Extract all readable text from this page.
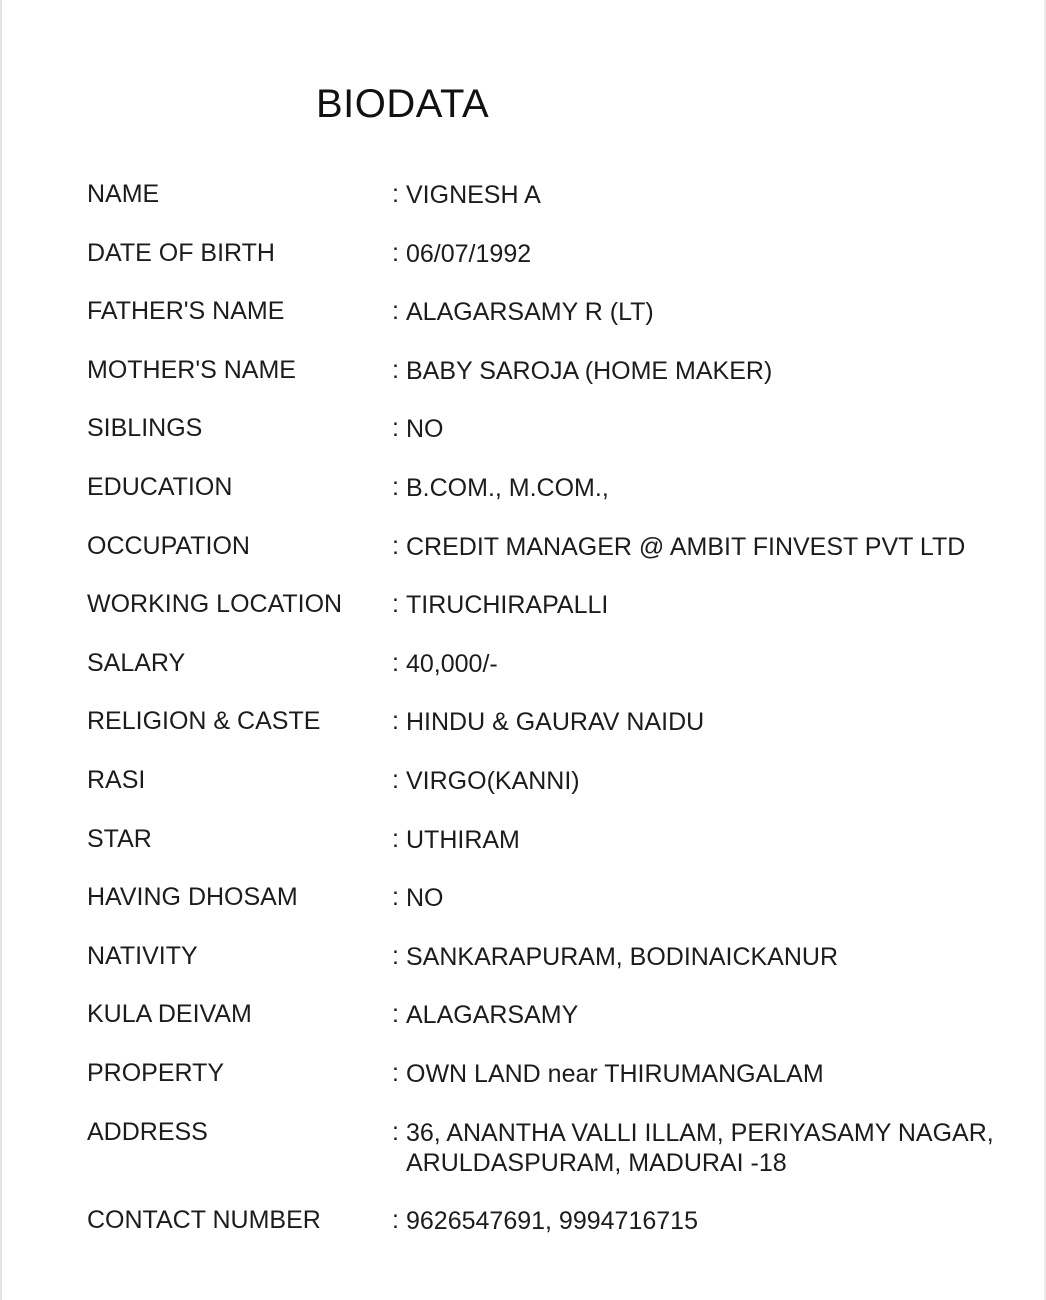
BIODATA
NAME	: VIGNESH A
DATE OF BIRTH	: 06/07/1992
FATHER'S NAME	: ALAGARSAMY R (LT)
MOTHER'S NAME	: BABY SAROJA (HOME MAKER)
SIBLINGS	: NO
EDUCATION	: B.COM., M.COM.,
OCCUPATION	: CREDIT MANAGER @ AMBIT FINVEST PVT LTD
WORKING LOCATION : TIRUCHIRAPALLI
SALARY	: 40,000/-
RELIGION & CASTE	: HINDU & GAURAV NAIDU
RASI	: VIRGO(KANNI)
STAR	: UTHIRAM
HAVING DHOSAM	: NO
NATIVITY	: SANKARAPURAM, BODINAICKANUR
KULA DEIVAM	: ALAGARSAMY
PROPERTY	: OWN LAND near THIRUMANGALAM
ADDRESS	: 36, ANANTHA VALLI ILLAM, PERIYASAMY NAGAR,
ARULDASPURAM, MADURAI -18
CONTACT NUMBER	: 9626547691, 9994716715
